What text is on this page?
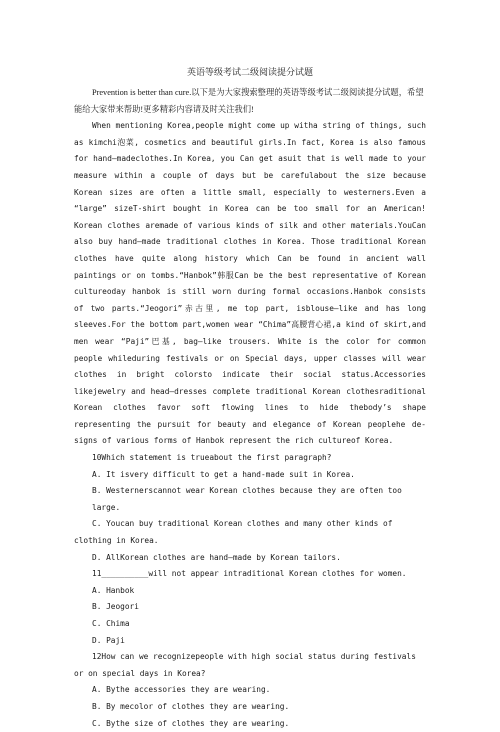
英语等级考试二级阅读提分试题

Prevention is better than cure.以下是为大家搜索整理的英语等级考试二级阅读提分试题，希望能给大家带来帮助!更多精彩内容请及时关注我们!

When mentioning Korea,people might come up witha string of things, such as kimchi泡菜, cosmetics and beautiful girls.In fact, Korea is also famous for hand—madeclothes.In Korea, you Can get asuit that is well made to your measure within a couple of days but be carefulabout the size because Korean sizes are often a little small, especially to westerners.Even a “large” sizeT-shirt bought in Korea can be too small for an American! Korean clothes aremade of various kinds of silk and other materials.YouCan also buy hand—made traditional clothes in Korea. Those traditional Korean clothes have quite along history which Can be found in ancient wall paintings or on tombs.“Hanbok”韩服Can be the best representative of Korean cultureoday hanbok is still worn during formal occasions.Hanbok consists of two parts.“Jeogori”赤古里, me top part, isblouse—like and has long sleeves.For the bottom part,women wear “Chima”高腰背心裙,a kind of skirt,and men wear “Paji”巴基, bag—like trousers. White is the color for common people whileduring festivals or on Special days, upper classes will wear clothes in bright colorsto indicate their social status.Accessories likejewelry and head—dresses complete traditional Korean clothesraditional Korean clothes favor soft flowing lines to hide thebody’s shape representing the pursuit for beauty and elegance of Korean peoplehe de-signs of various forms of Hanbok represent the rich cultureof Korea.

10Which statement is trueabout the first paragraph?

A. It isvery difficult to get a hand-made suit in Korea.

B. Westernerscannot wear Korean clothes because they are often too large.

C. Youcan buy traditional Korean clothes and many other kinds of clothing in Korea.

D. AllKorean clothes are hand—made by Korean tailors.

11__________will not appear intraditional Korean clothes for women.

A. Hanbok

B. Jeogori

C. Chima

D. Paji

12How can we recognizepeople with high social status during festivals or on special days in Korea?

A. Bythe accessories they are wearing.

B. By mecolor of clothes they are wearing.

C. Bythe size of clothes they are wearing.
